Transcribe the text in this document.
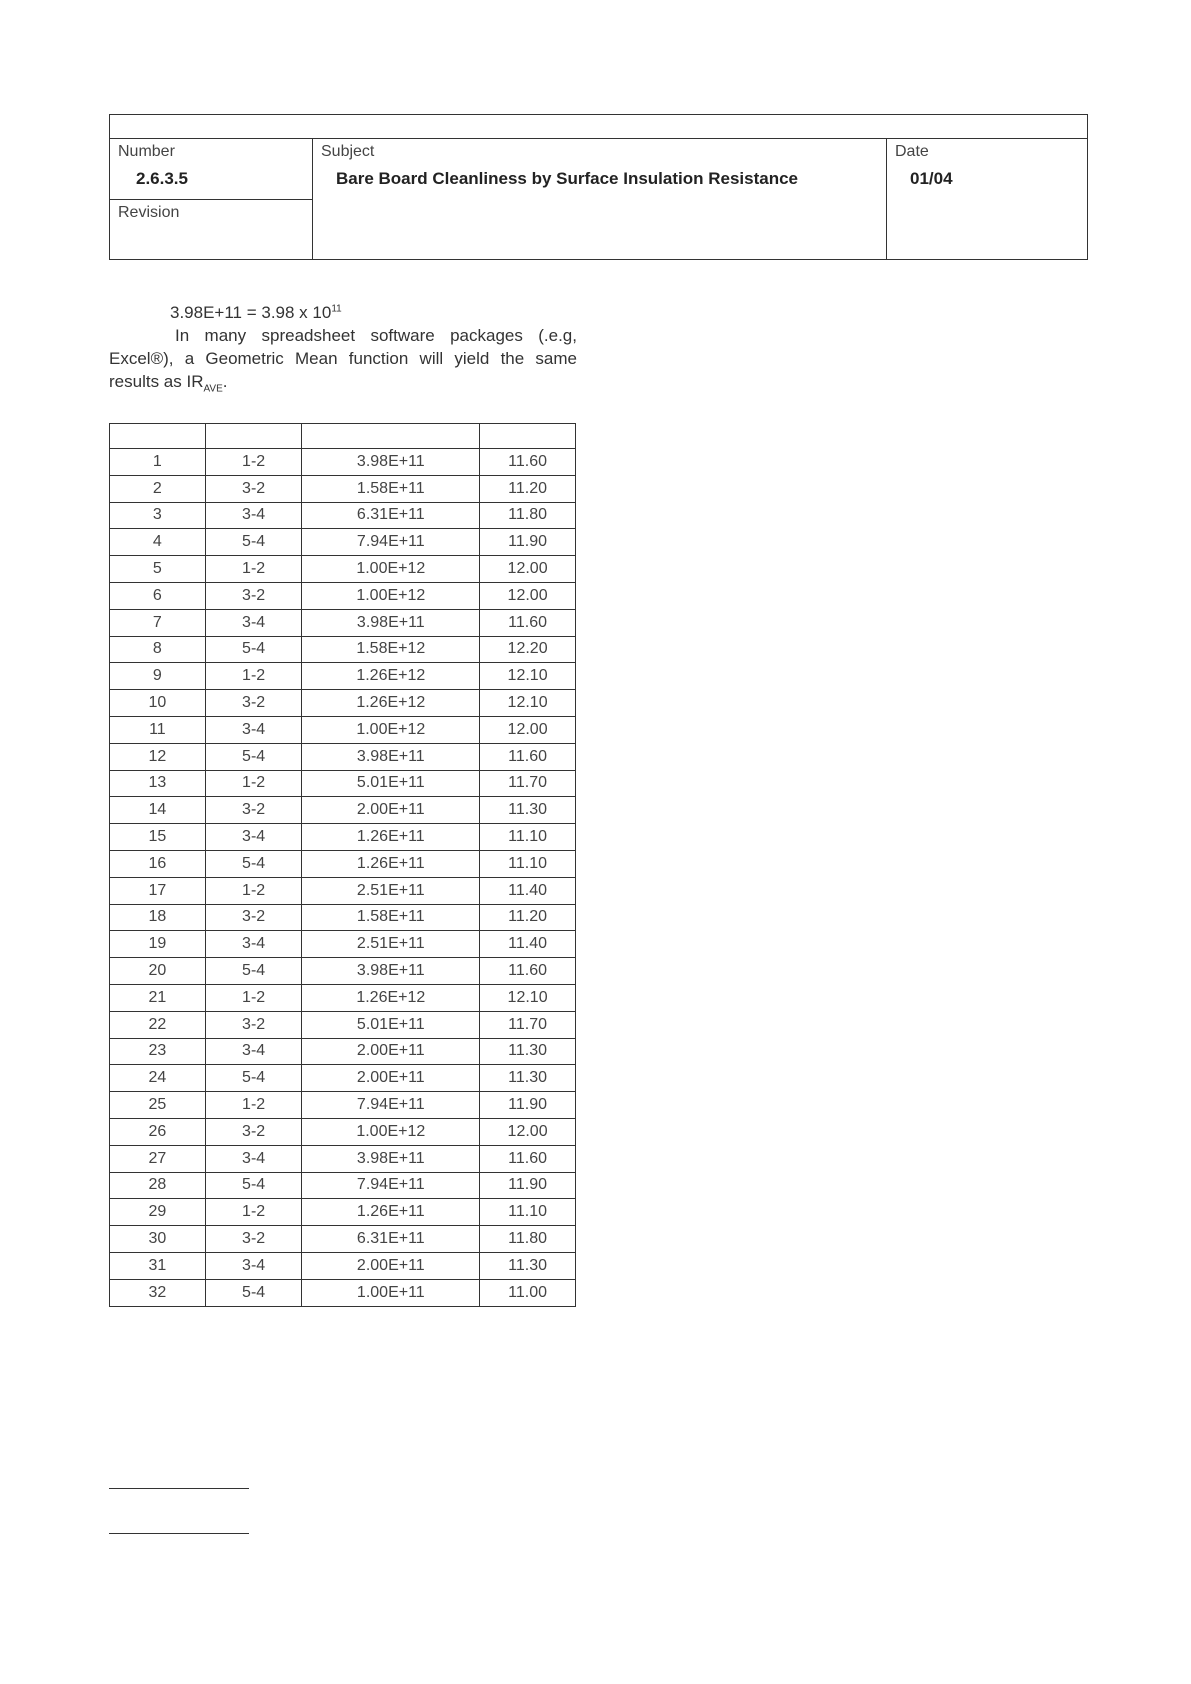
Number
2.6.3.5
Revision
Subject
Bare Board Cleanliness by Surface Insulation Resistance
Date
01/04

3.98E+11 = 3.98 x $10^{11}$

In many spreadsheet software packages (.e.g, Excel®), a Geometric Mean function will yield the same results as $IR_{AVE}$.

1	1-2	3.98E+11	11.60
2	3-2	1.58E+11	11.20
3	3-4	6.31E+11	11.80
4	5-4	7.94E+11	11.90
5	1-2	1.00E+12	12.00
6	3-2	1.00E+12	12.00
7	3-4	3.98E+11	11.60
8	5-4	1.58E+12	12.20
9	1-2	1.26E+12	12.10
10	3-2	1.26E+12	12.10
11	3-4	1.00E+12	12.00
12	5-4	3.98E+11	11.60
13	1-2	5.01E+11	11.70
14	3-2	2.00E+11	11.30
15	3-4	1.26E+11	11.10
16	5-4	1.26E+11	11.10
17	1-2	2.51E+11	11.40
18	3-2	1.58E+11	11.20
19	3-4	2.51E+11	11.40
20	5-4	3.98E+11	11.60
21	1-2	1.26E+12	12.10
22	3-2	5.01E+11	11.70
23	3-4	2.00E+11	11.30
24	5-4	2.00E+11	11.30
25	1-2	7.94E+11	11.90
26	3-2	1.00E+12	12.00
27	3-4	3.98E+11	11.60
28	5-4	7.94E+11	11.90
29	1-2	1.26E+11	11.10
30	3-2	6.31E+11	11.80
31	3-4	2.00E+11	11.30
32	5-4	1.00E+11	11.00
